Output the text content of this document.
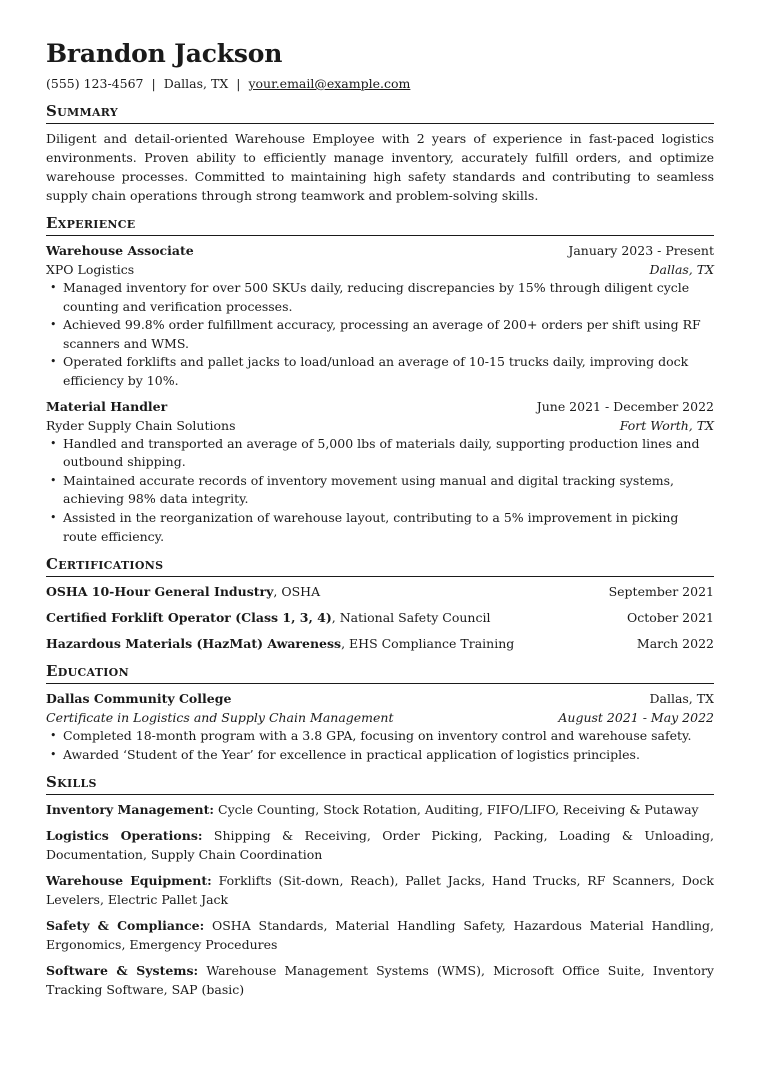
Brandon Jackson
(555) 123-4567 | Dallas, TX | your.email@example.com
Summary
Diligent and detail-oriented Warehouse Employee with 2 years of experience in fast-paced logistics environments. Proven ability to efficiently manage inventory, accurately fulfill orders, and optimize warehouse processes. Committed to maintaining high safety standards and contributing to seamless supply chain operations through strong teamwork and problem-solving skills.
Experience
Warehouse Associate	January 2023 - Present
XPO Logistics	Dallas, TX
• Managed inventory for over 500 SKUs daily, reducing discrepancies by 15% through diligent cycle counting and verification processes.
• Achieved 99.8% order fulfillment accuracy, processing an average of 200+ orders per shift using RF scanners and WMS.
• Operated forklifts and pallet jacks to load/unload an average of 10-15 trucks daily, improving dock efficiency by 10%.
Material Handler	June 2021 - December 2022
Ryder Supply Chain Solutions	Fort Worth, TX
• Handled and transported an average of 5,000 lbs of materials daily, supporting production lines and outbound shipping.
• Maintained accurate records of inventory movement using manual and digital tracking systems, achieving 98% data integrity.
• Assisted in the reorganization of warehouse layout, contributing to a 5% improvement in picking route efficiency.
Certifications
OSHA 10-Hour General Industry, OSHA	September 2021
Certified Forklift Operator (Class 1, 3, 4), National Safety Council	October 2021
Hazardous Materials (HazMat) Awareness, EHS Compliance Training	March 2022
Education
Dallas Community College	Dallas, TX
Certificate in Logistics and Supply Chain Management	August 2021 - May 2022
• Completed 18-month program with a 3.8 GPA, focusing on inventory control and warehouse safety.
• Awarded ‘Student of the Year’ for excellence in practical application of logistics principles.
Skills
Inventory Management: Cycle Counting, Stock Rotation, Auditing, FIFO/LIFO, Receiving & Putaway
Logistics Operations: Shipping & Receiving, Order Picking, Packing, Loading & Unloading, Documentation, Supply Chain Coordination
Warehouse Equipment: Forklifts (Sit-down, Reach), Pallet Jacks, Hand Trucks, RF Scanners, Dock Levelers, Electric Pallet Jack
Safety & Compliance: OSHA Standards, Material Handling Safety, Hazardous Material Handling, Ergonomics, Emergency Procedures
Software & Systems: Warehouse Management Systems (WMS), Microsoft Office Suite, Inventory Tracking Software, SAP (basic)
